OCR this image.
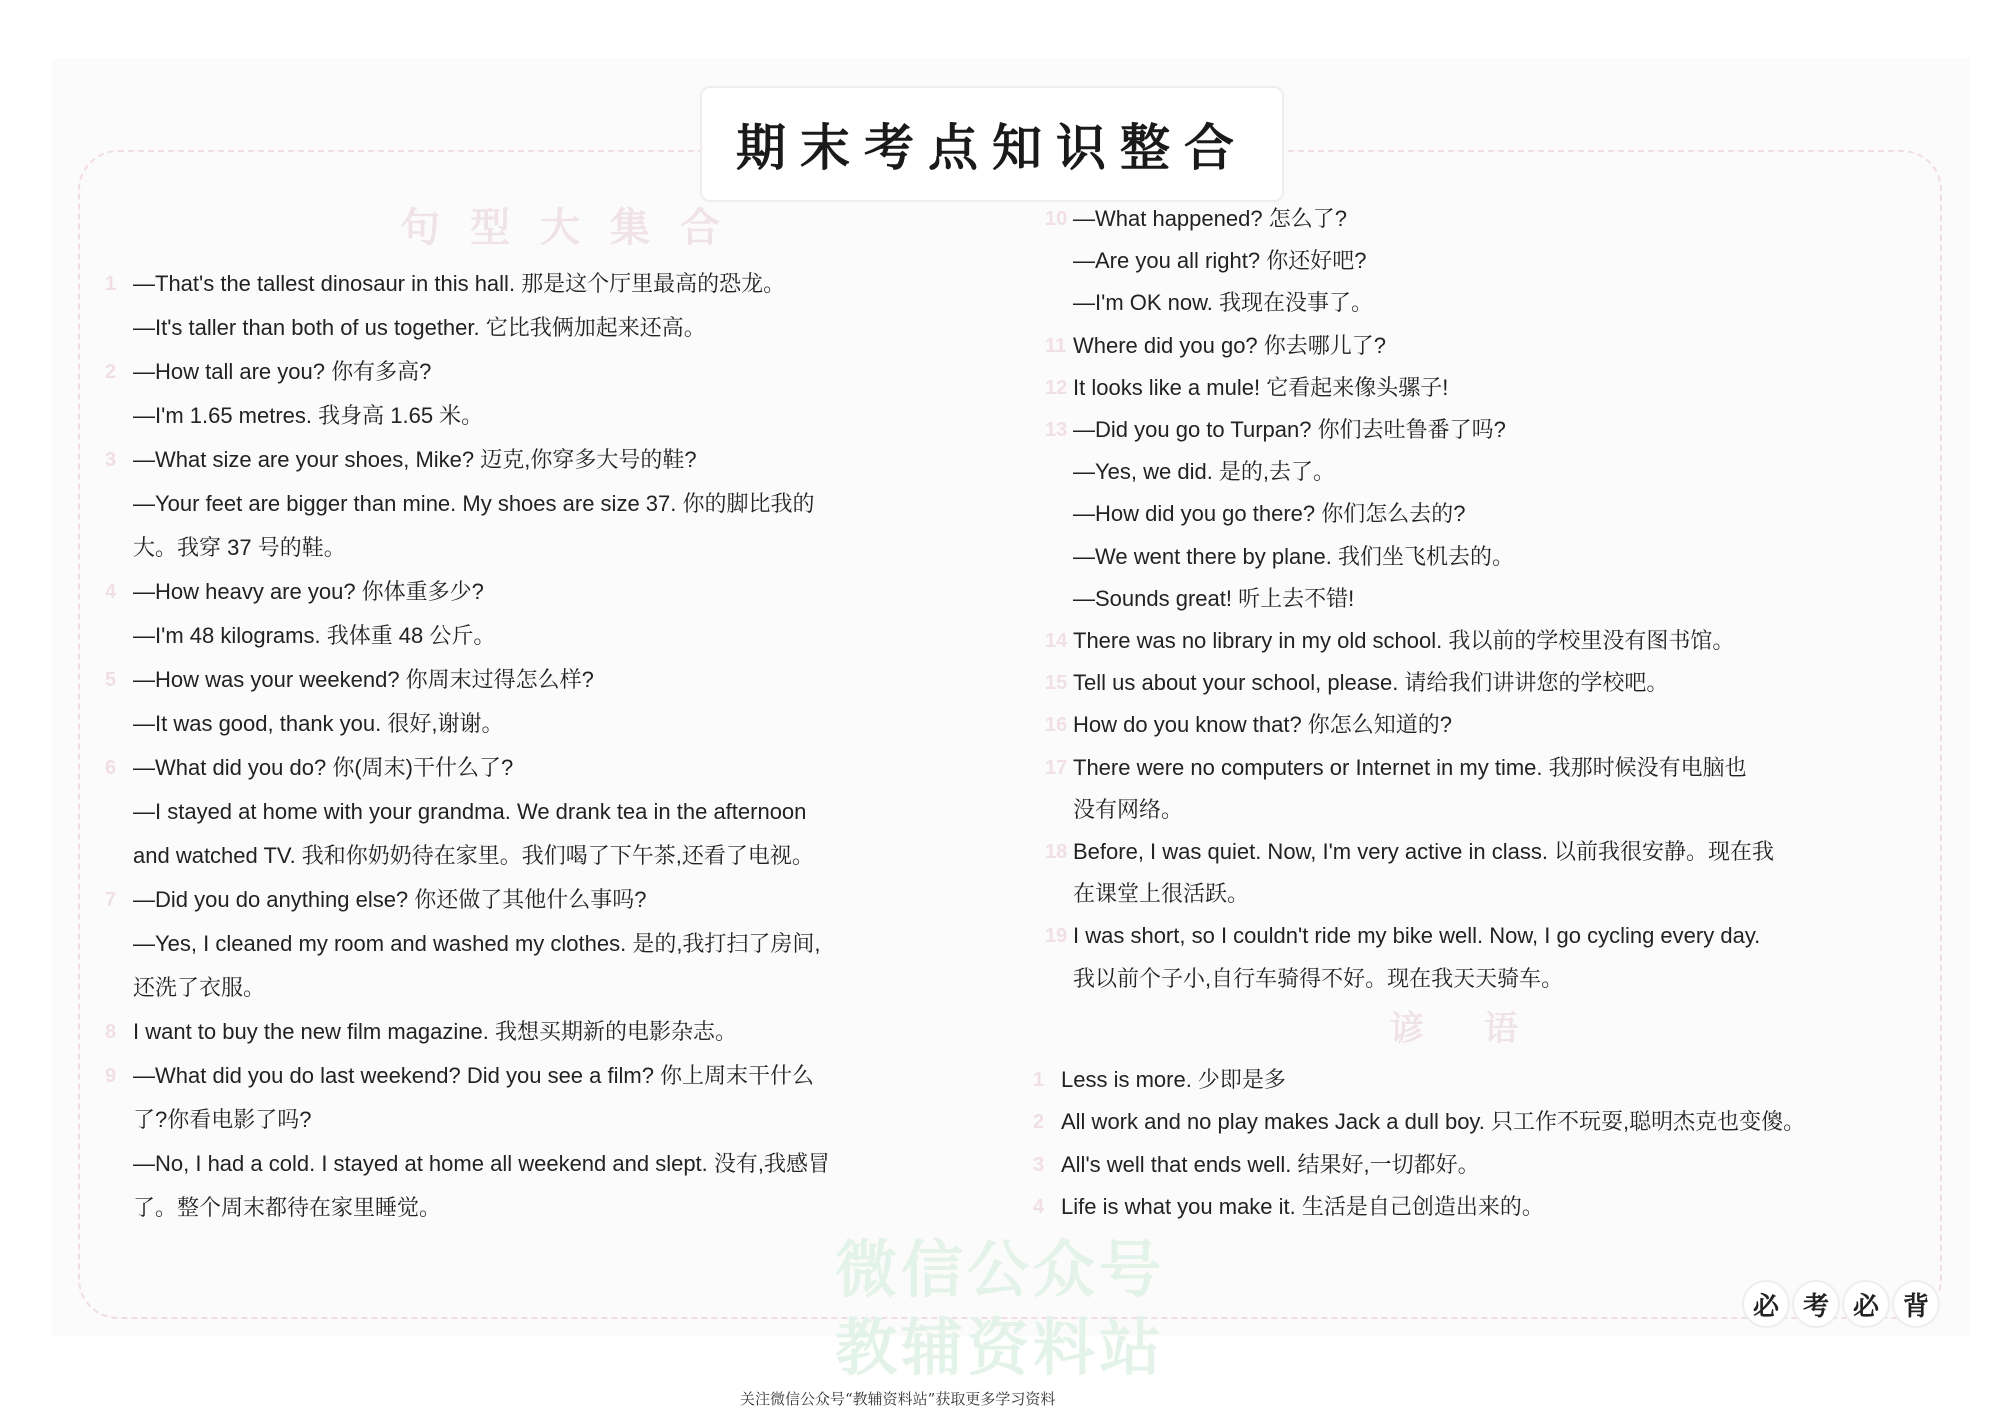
期末考点知识整合
句型大集合
谚语
微信公众号
教辅资料站
1 —That's the tallest dinosaur in this hall. 那是这个厅里最高的恐龙。
—It's taller than both of us together. 它比我俩加起来还高。
2 —How tall are you? 你有多高?
—I'm 1.65 metres. 我身高 1.65 米。
3 —What size are your shoes, Mike? 迈克,你穿多大号的鞋?
—Your feet are bigger than mine. My shoes are size 37. 你的脚比我的
大。我穿 37 号的鞋。
4 —How heavy are you? 你体重多少?
—I'm 48 kilograms. 我体重 48 公斤。
5 —How was your weekend? 你周末过得怎么样?
—It was good, thank you. 很好,谢谢。
6 —What did you do? 你(周末)干什么了?
—I stayed at home with your grandma. We drank tea in the afternoon
and watched TV. 我和你奶奶待在家里。我们喝了下午茶,还看了电视。
7 —Did you do anything else? 你还做了其他什么事吗?
—Yes, I cleaned my room and washed my clothes. 是的,我打扫了房间,
还洗了衣服。
8 I want to buy the new film magazine. 我想买期新的电影杂志。
9 —What did you do last weekend? Did you see a film? 你上周末干什么
了?你看电影了吗?
—No, I had a cold. I stayed at home all weekend and slept. 没有,我感冒
了。整个周末都待在家里睡觉。
10 —What happened? 怎么了?
—Are you all right? 你还好吧?
—I'm OK now. 我现在没事了。
11 Where did you go? 你去哪儿了?
12 It looks like a mule! 它看起来像头骡子!
13 —Did you go to Turpan? 你们去吐鲁番了吗?
—Yes, we did. 是的,去了。
—How did you go there? 你们怎么去的?
—We went there by plane. 我们坐飞机去的。
—Sounds great! 听上去不错!
14 There was no library in my old school. 我以前的学校里没有图书馆。
15 Tell us about your school, please. 请给我们讲讲您的学校吧。
16 How do you know that? 你怎么知道的?
17 There were no computers or Internet in my time. 我那时候没有电脑也
没有网络。
18 Before, I was quiet. Now, I'm very active in class. 以前我很安静。现在我
在课堂上很活跃。
19 I was short, so I couldn't ride my bike well. Now, I go cycling every day.
我以前个子小,自行车骑得不好。现在我天天骑车。
1 Less is more. 少即是多
2 All work and no play makes Jack a dull boy. 只工作不玩耍,聪明杰克也变傻。
3 All's well that ends well. 结果好,一切都好。
4 Life is what you make it. 生活是自己创造出来的。
必 考 必 背
关注微信公众号“教辅资料站”获取更多学习资料
